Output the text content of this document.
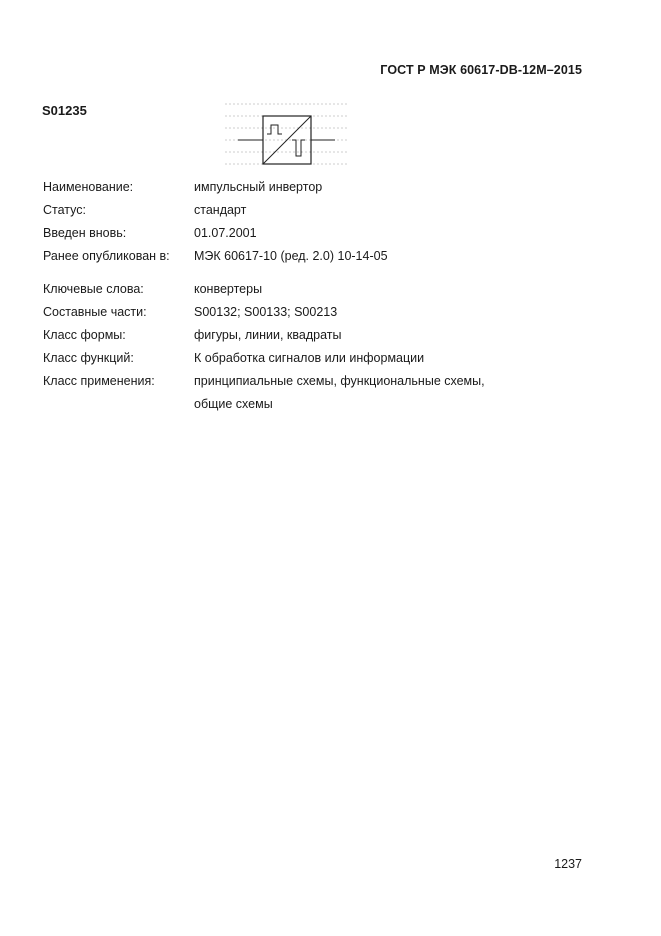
ГОСТ Р МЭК 60617-DB-12M–2015
S01235
Наименование:	импульсный инвертор
Статус:	стандарт
Введен вновь:	01.07.2001
Ранее опубликован в:	МЭК 60617-10 (ред. 2.0) 10-14-05
Ключевые слова:	конвертеры
Составные части:	S00132; S00133; S00213
Класс формы:	фигуры, линии, квадраты
Класс функций:	К обработка сигналов или информации
Класс применения:	принципиальные схемы, функциональные схемы,
общие схемы
1237
